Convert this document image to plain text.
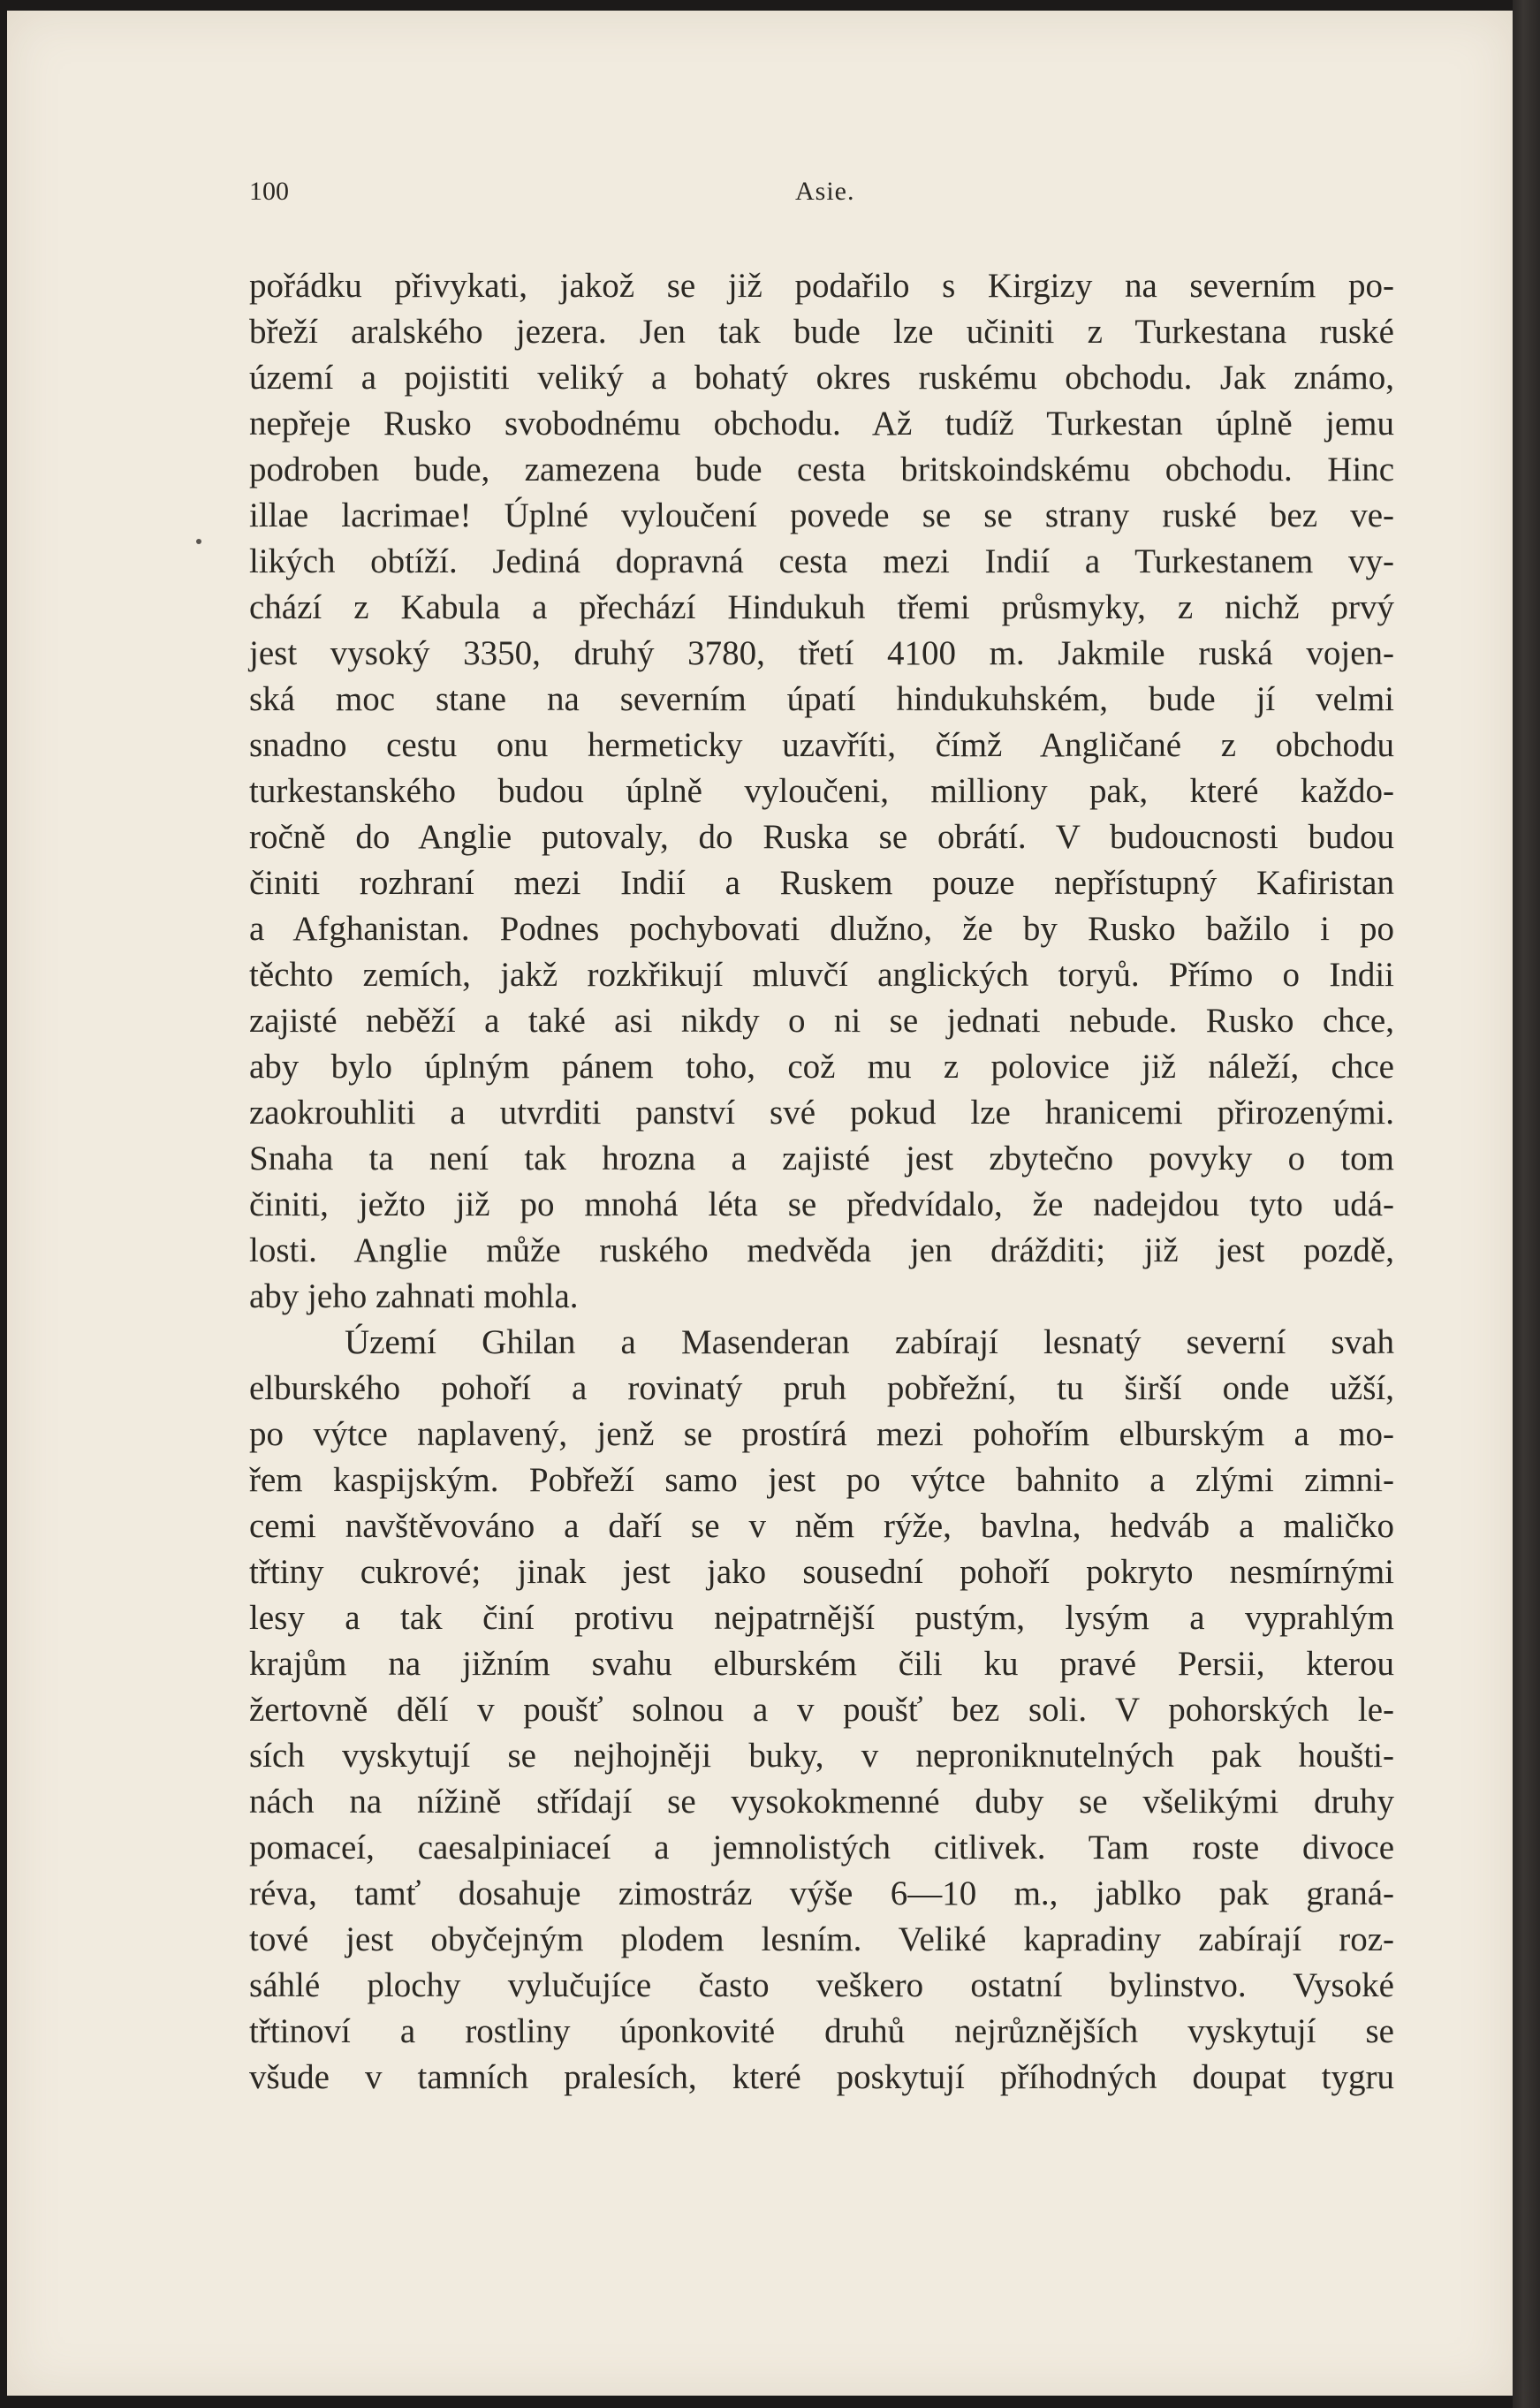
100	Asie.
pořádku přivykati, jakož se již podařilo s Kirgizy na severním po-
břeží aralského jezera. Jen tak bude lze učiniti z Turkestana ruské
území a pojistiti veliký a bohatý okres ruskému obchodu. Jak známo,
nepřeje Rusko svobodnému obchodu. Až tudíž Turkestan úplně jemu
podroben bude, zamezena bude cesta britskoindskému obchodu. Hinc
illae lacrimae! Úplné vyloučení povede se se strany ruské bez ve-
likých obtíží. Jediná dopravná cesta mezi Indií a Turkestanem vy-
chází z Kabula a přechází Hindukuh třemi průsmyky, z nichž prvý
jest vysoký 3350, druhý 3780, třetí 4100 m. Jakmile ruská vojen-
ská moc stane na severním úpatí hindukuhském, bude jí velmi
snadno cestu onu hermeticky uzavříti, čímž Angličané z obchodu
turkestanského budou úplně vyloučeni, milliony pak, které každo-
ročně do Anglie putovaly, do Ruska se obrátí. V budoucnosti budou
činiti rozhraní mezi Indií a Ruskem pouze nepřístupný Kafiristan
a Afghanistan. Podnes pochybovati dlužno, že by Rusko bažilo i po
těchto zemích, jakž rozkřikují mluvčí anglických toryů. Přímo o Indii
zajisté neběží a také asi nikdy o ni se jednati nebude. Rusko chce,
aby bylo úplným pánem toho, což mu z polovice již náleží, chce
zaokrouhliti a utvrditi panství své pokud lze hranicemi přirozenými.
Snaha ta není tak hrozna a zajisté jest zbytečno povyky o tom
činiti, ježto již po mnohá léta se předvídalo, že nadejdou tyto udá-
losti. Anglie může ruského medvěda jen drážditi; již jest pozdě,
aby jeho zahnati mohla.
Území Ghilan a Masenderan zabírají lesnatý severní svah
elburského pohoří a rovinatý pruh pobřežní, tu širší onde užší,
po výtce naplavený, jenž se prostírá mezi pohořím elburským a mo-
řem kaspijským. Pobřeží samo jest po výtce bahnito a zlými zimni-
cemi navštěvováno a daří se v něm rýže, bavlna, hedváb a maličko
třtiny cukrové; jinak jest jako sousední pohoří pokryto nesmírnými
lesy a tak činí protivu nejpatrnější pustým, lysým a vyprahlým
krajům na jižním svahu elburském čili ku pravé Persii, kterou
žertovně dělí v poušť solnou a v poušť bez soli. V pohorských le-
sích vyskytují se nejhojněji buky, v neproniknutelných pak houšti-
nách na nížině střídají se vysokokmenné duby se všelikými druhy
pomaceí, caesalpiniaceí a jemnolistých citlivek. Tam roste divoce
réva, tamť dosahuje zimostráz výše 6—10 m., jablko pak graná-
tové jest obyčejným plodem lesním. Veliké kapradiny zabírají roz-
sáhlé plochy vylučujíce často veškero ostatní bylinstvo. Vysoké
třtinoví a rostliny úponkovité druhů nejrůznějších vyskytují se
všude v tamních pralesích, které poskytují příhodných doupat tygru
